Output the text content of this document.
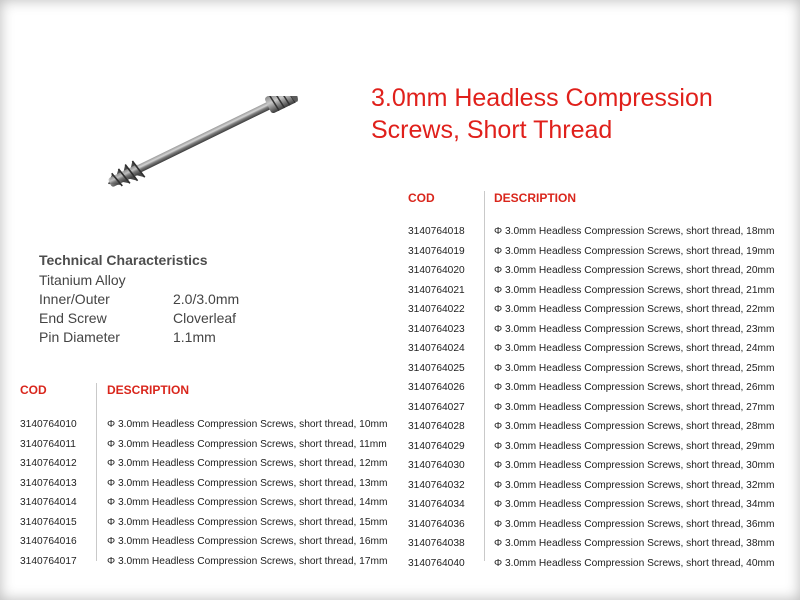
3.0mm Headless Compression
Screws, Short Thread
Technical Characteristics
Titanium Alloy
Inner/Outer	2.0/3.0mm
End Screw	Cloverleaf
Pin Diameter	1.1mm
COD	DESCRIPTION
3140764010	Φ 3.0mm Headless Compression Screws, short thread, 10mm
3140764011	Φ 3.0mm Headless Compression Screws, short thread, 11mm
3140764012	Φ 3.0mm Headless Compression Screws, short thread, 12mm
3140764013	Φ 3.0mm Headless Compression Screws, short thread, 13mm
3140764014	Φ 3.0mm Headless Compression Screws, short thread, 14mm
3140764015	Φ 3.0mm Headless Compression Screws, short thread, 15mm
3140764016	Φ 3.0mm Headless Compression Screws, short thread, 16mm
3140764017	Φ 3.0mm Headless Compression Screws, short thread, 17mm
COD	DESCRIPTION
3140764018	Φ 3.0mm Headless Compression Screws, short thread, 18mm
3140764019	Φ 3.0mm Headless Compression Screws, short thread, 19mm
3140764020	Φ 3.0mm Headless Compression Screws, short thread, 20mm
3140764021	Φ 3.0mm Headless Compression Screws, short thread, 21mm
3140764022	Φ 3.0mm Headless Compression Screws, short thread, 22mm
3140764023	Φ 3.0mm Headless Compression Screws, short thread, 23mm
3140764024	Φ 3.0mm Headless Compression Screws, short thread, 24mm
3140764025	Φ 3.0mm Headless Compression Screws, short thread, 25mm
3140764026	Φ 3.0mm Headless Compression Screws, short thread, 26mm
3140764027	Φ 3.0mm Headless Compression Screws, short thread, 27mm
3140764028	Φ 3.0mm Headless Compression Screws, short thread, 28mm
3140764029	Φ 3.0mm Headless Compression Screws, short thread, 29mm
3140764030	Φ 3.0mm Headless Compression Screws, short thread, 30mm
3140764032	Φ 3.0mm Headless Compression Screws, short thread, 32mm
3140764034	Φ 3.0mm Headless Compression Screws, short thread, 34mm
3140764036	Φ 3.0mm Headless Compression Screws, short thread, 36mm
3140764038	Φ 3.0mm Headless Compression Screws, short thread, 38mm
3140764040	Φ 3.0mm Headless Compression Screws, short thread, 40mm
